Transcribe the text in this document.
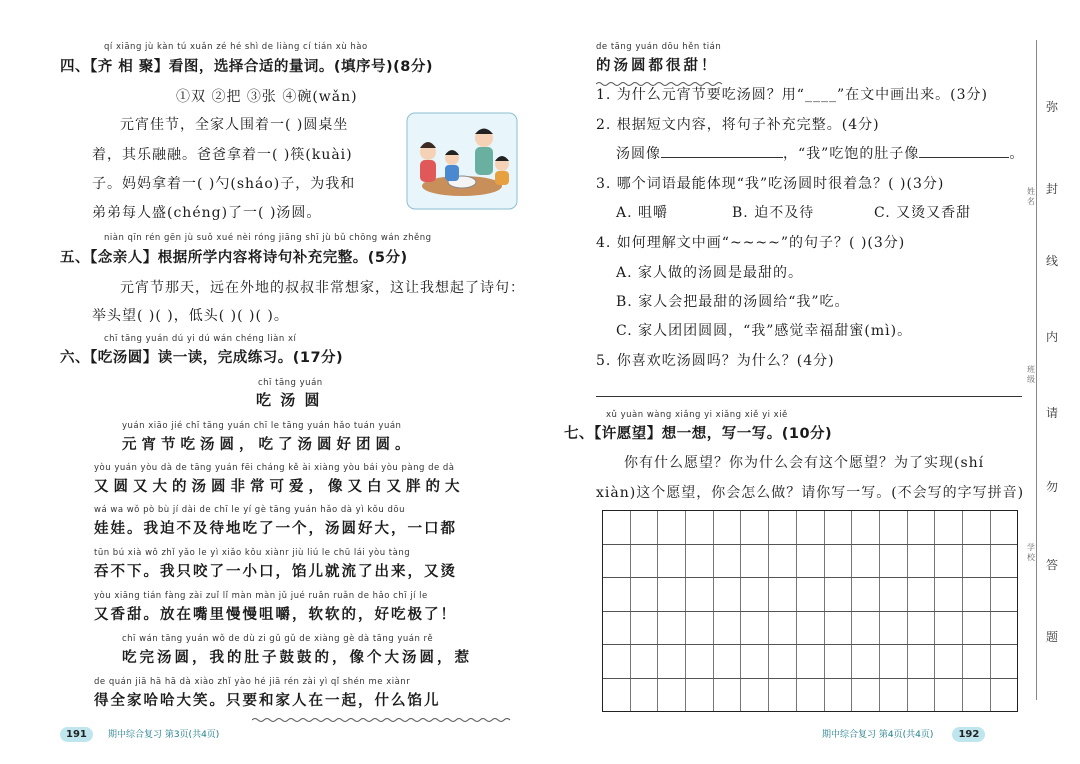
qí xiāng jù kàn tú xuǎn zé hé shì de liàng cí tián xù hào
四、【齐 相 聚】看图，选择合适的量词。(填序号)(8分)
①双 ②把 ③张 ④碗(wǎn)
元宵佳节，全家人围着一( )圆桌坐
着，其乐融融。爸爸拿着一( )筷(kuài)
子。妈妈拿着一( )勺(sháo)子，为我和
弟弟每人盛(chéng)了一( )汤圆。
niàn qīn rén gēn jù suǒ xué nèi róng jiāng shī jù bǔ chōng wán zhěng
五、【念亲人】根据所学内容将诗句补充完整。(5分)
元宵节那天，远在外地的叔叔非常想家，这让我想起了诗句：
举头望( )( )，低头( )( )( )。
chī tāng yuán dú yi dú wán chéng liàn xí
六、【吃汤圆】读一读，完成练习。(17分)
chī tāng yuán
吃 汤 圆
yuán xiāo jié chī tāng yuán chī le tāng yuán hǎo tuán yuán
元宵节吃汤圆，吃了汤圆好团圆。
yòu yuán yòu dà de tāng yuán fēi cháng kě ài xiàng yòu bái yòu pàng de dà
又圆又大的汤圆非常可爱，像又白又胖的大
wá wa wǒ pò bù jí dài de chī le yí gè tāng yuán hǎo dà yì kǒu dōu
娃娃。我迫不及待地吃了一个，汤圆好大，一口都
tūn bú xià wǒ zhǐ yǎo le yì xiǎo kǒu xiànr jiù liú le chū lái yòu tàng
吞不下。我只咬了一小口，馅儿就流了出来，又烫
yòu xiāng tián fàng zài zuǐ lǐ màn màn jǔ jué ruǎn ruǎn de hǎo chī jí le
又香甜。放在嘴里慢慢咀嚼，软软的，好吃极了！
chī wán tāng yuán wǒ de dù zi gǔ gǔ de xiàng gè dà tāng yuán rě
吃完汤圆，我的肚子鼓鼓的，像个大汤圆，惹
de quán jiā hā hā dà xiào zhǐ yào hé jiā rén zài yì qǐ shén me xiànr
得全家哈哈大笑。只要和家人在一起，什么馅儿
191 期中综合复习 第3页(共4页)
de tāng yuán dōu hěn tián
的汤圆都很甜！
1. 为什么元宵节要吃汤圆？用“____”在文中画出来。(3分)
2. 根据短文内容，将句子补充完整。(4分)
汤圆像	，“我”吃饱的肚子像	。
3. 哪个词语最能体现“我”吃汤圆时很着急？( )(3分)
A. 咀嚼	B. 迫不及待	C. 又烫又香甜
4. 如何理解文中画“~~~~”的句子？( )(3分)
A. 家人做的汤圆是最甜的。
B. 家人会把最甜的汤圆给“我”吃。
C. 家人团团圆圆，“我”感觉幸福甜蜜(mì)。
5. 你喜欢吃汤圆吗？为什么？(4分)
xǔ yuàn wàng xiǎng yi xiǎng xiě yi xiě
七、【许愿望】想一想，写一写。(10分)
你有什么愿望？你为什么会有这个愿望？为了实现(shí
xiàn)这个愿望，你会怎么做？请你写一写。(不会写的字写拼音)
期中综合复习 第4页(共4页)	192
弥
封
线
内
请
勿
答
题
姓
名
班
级
学
校
